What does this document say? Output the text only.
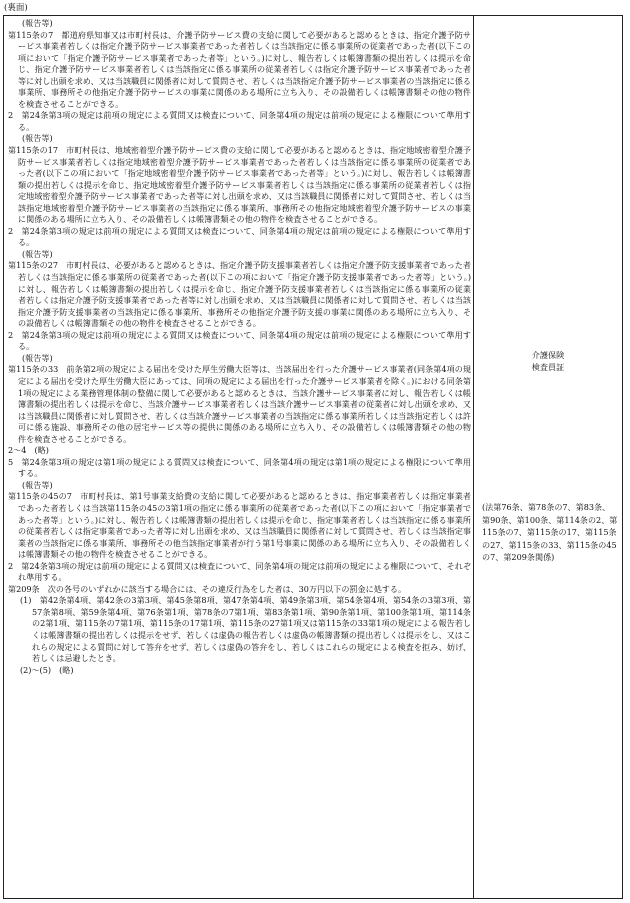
(裏面)

(報告等)

第115条の7　都道府県知事又は市町村長は、介護予防サービス費の支給に関して必要があると認めるときは、指定介護予防サービス事業者若しくは指定介護予防サービス事業者であった者若しくは当該指定に係る事業所の従業者であった者(以下この項において「指定介護予防サービス事業者であった者等」という。)に対し、報告若しくは帳簿書類の提出若しくは提示を命じ、指定介護予防サービス事業者若しくは当該指定に係る事業所の従業者若しくは指定介護予防サービス事業者であった者等に対し出頭を求め、又は当該職員に関係者に対して質問させ、若しくは当該指定介護予防サービス事業者の当該指定に係る事業所、事務所その他指定介護予防サービスの事業に関係のある場所に立ち入り、その設備若しくは帳簿書類その他の物件を検査させることができる。

2　第24条第3項の規定は前項の規定による質問又は検査について、同条第4項の規定は前項の規定による権限について準用する。

(報告等)

第115条の17　市町村長は、地域密着型介護予防サービス費の支給に関して必要があると認めるときは、指定地域密着型介護予防サービス事業者若しくは指定地域密着型介護予防サービス事業者であった者若しくは当該指定に係る事業所の従業者であった者(以下この項において「指定地域密着型介護予防サービス事業者であった者等」という。)に対し、報告若しくは帳簿書類の提出若しくは提示を命じ、指定地域密着型介護予防サービス事業者若しくは当該指定に係る事業所の従業者若しくは指定地域密着型介護予防サービス事業者であった者等に対し出頭を求め、又は当該職員に関係者に対して質問させ、若しくは当該指定地域密着型介護予防サービス事業者の当該指定に係る事業所、事務所その他指定地域密着型介護予防サービスの事業に関係のある場所に立ち入り、その設備若しくは帳簿書類その他の物件を検査させることができる。

2　第24条第3項の規定は前項の規定による質問又は検査について、同条第4項の規定は前項の規定による権限について準用する。

(報告等)

第115条の27　市町村長は、必要があると認めるときは、指定介護予防支援事業者若しくは指定介護予防支援事業者であった者若しくは当該指定に係る事業所の従業者であった者(以下この項において「指定介護予防支援事業者であった者等」という。)に対し、報告若しくは帳簿書類の提出若しくは提示を命じ、指定介護予防支援事業者若しくは当該指定に係る事業所の従業者若しくは指定介護予防支援事業者であった者等に対し出頭を求め、又は当該職員に関係者に対して質問させ、若しくは当該指定介護予防支援事業者の当該指定に係る事業所、事務所その他指定介護予防支援の事業に関係のある場所に立ち入り、その設備若しくは帳簿書類その他の物件を検査させることができる。

2　第24条第3項の規定は前項の規定による質問又は検査について、同条第4項の規定は前項の規定による権限について準用する。

(報告等)

第115条の33　前条第2項の規定による届出を受けた厚生労働大臣等は、当該届出を行った介護サービス事業者(同条第4項の規定による届出を受けた厚生労働大臣にあっては、同項の規定による届出を行った介護サービス事業者を除く。)における同条第1項の規定による業務管理体制の整備に関して必要があると認めるときは、当該介護サービス事業者に対し、報告若しくは帳簿書類の提出若しくは提示を命じ、当該介護サービス事業者若しくは当該介護サービス事業者の従業者に対し出頭を求め、又は当該職員に関係者に対し質問させ、若しくは当該介護サービス事業者の当該指定に係る事業所若しくは当該指定若しくは許可に係る施設、事務所その他の居宅サービス等の提供に関係のある場所に立ち入り、その設備若しくは帳簿書類その他の物件を検査させることができる。

2～4　(略)

5　第24条第3項の規定は第1項の規定による質問又は検査について、同条第4項の規定は第1項の規定による権限について準用する。

(報告等)

第115条の45の7　市町村長は、第1号事業支給費の支給に関して必要があると認めるときは、指定事業者若しくは指定事業者であった者若しくは当該第115条の45の3第1項の指定に係る事業所の従業者であった者(以下この項において「指定事業者であった者等」という。)に対し、報告若しくは帳簿書類の提出若しくは提示を命じ、指定事業者若しくは当該指定に係る事業所の従業者若しくは指定事業者であった者等に対し出頭を求め、又は当該職員に関係者に対して質問させ、若しくは当該指定事業者の当該指定に係る事業所、事務所その他当該指定事業者が行う第1号事業に関係のある場所に立ち入り、その設備若しくは帳簿書類その他の物件を検査させることができる。

2　第24条第3項の規定は前項の規定による質問又は検査について、同条第4項の規定は前項の規定による権限について、それぞれ準用する。

第209条　次の各号のいずれかに該当する場合には、その違反行為をした者は、30万円以下の罰金に処する。

(1)　第42条第4項、第42条の3第3項、第45条第8項、第47条第4項、第49条第3項、第54条第4項、第54条の3第3項、第57条第8項、第59条第4項、第76条第1項、第78条の7第1項、第83条第1項、第90条第1項、第100条第1項、第114条の2第1項、第115条の7第1項、第115条の17第1項、第115条の27第1項又は第115条の33第1項の規定による報告若しくは帳簿書類の提出若しくは提示をせず、若しくは虚偽の報告若しくは虚偽の帳簿書類の提出若しくは提示をし、又はこれらの規定による質問に対して答弁をせず、若しくは虚偽の答弁をし、若しくはこれらの規定による検査を拒み、妨げ、若しくは忌避したとき。

(2)～(5)　(略)

介護保険
検査員証
(法第76条、第78条の7、第83条、第90条、第100条、第114条の2、第115条の7、第115条の17、第115条の27、第115条の33、第115条の45の7、第209条関係)
